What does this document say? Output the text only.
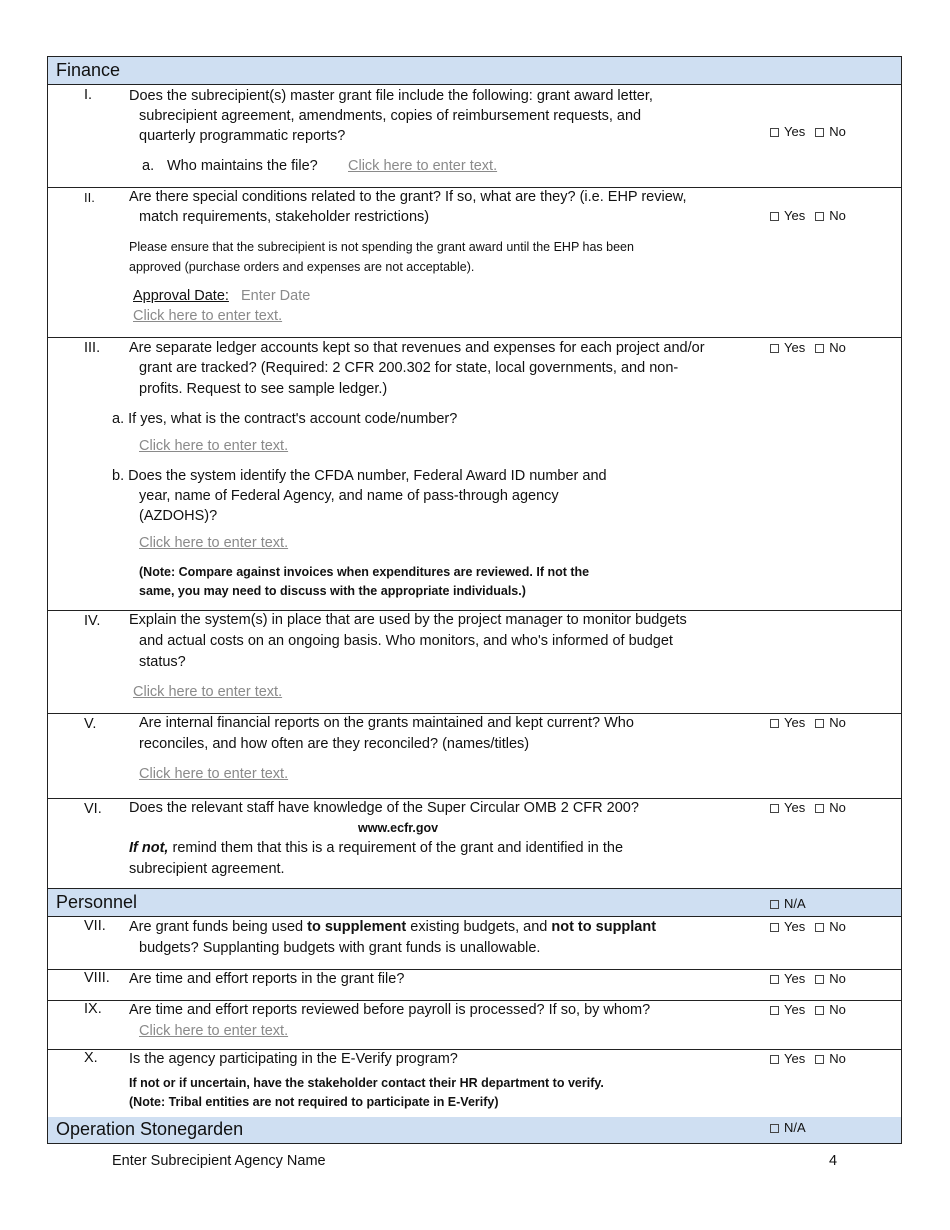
Finance
I.	Does the subrecipient(s) master grant file include the following: grant award letter,
subrecipient agreement, amendments, copies of reimbursement requests, and
quarterly programmatic reports?
a. Who maintains the file? Click here to enter text.
Yes No
II. Are there special conditions related to the grant? If so, what are they? (i.e. EHP review,
match requirements, stakeholder restrictions)
Please ensure that the subrecipient is not spending the grant award until the EHP has been
approved (purchase orders and expenses are not acceptable).
Approval Date: Enter Date
Click here to enter text.
Yes No
III. Are separate ledger accounts kept so that revenues and expenses for each project and/or
grant are tracked? (Required: 2 CFR 200.302 for state, local governments, and non-
profits. Request to see sample ledger.)
a. If yes, what is the contract's account code/number?
Click here to enter text.
b. Does the system identify the CFDA number, Federal Award ID number and
year, name of Federal Agency, and name of pass-through agency
(AZDOHS)?
Click here to enter text.
(Note: Compare against invoices when expenditures are reviewed. If not the
same, you may need to discuss with the appropriate individuals.)
Yes No
IV. Explain the system(s) in place that are used by the project manager to monitor budgets
and actual costs on an ongoing basis. Who monitors, and who's informed of budget
status?
Click here to enter text.
V.	Are internal financial reports on the grants maintained and kept current? Who
reconciles, and how often are they reconciled? (names/titles)
Click here to enter text.
Yes No
VI. Does the relevant staff have knowledge of the Super Circular OMB 2 CFR 200?
www.ecfr.gov
If not, remind them that this is a requirement of the grant and identified in the
subrecipient agreement.
Yes No
Personnel	N/A
VII. Are grant funds being used to supplement existing budgets, and not to supplant
budgets? Supplanting budgets with grant funds is unallowable.
Yes No
VIII. Are time and effort reports in the grant file?	Yes No
IX. Are time and effort reports reviewed before payroll is processed? If so, by whom?
Click here to enter text.
Yes No
X. Is the agency participating in the E-Verify program?
If not or if uncertain, have the stakeholder contact their HR department to verify.
(Note: Tribal entities are not required to participate in E-Verify)
Yes No
Operation Stonegarden	N/A
Enter Subrecipient Agency Name	4
